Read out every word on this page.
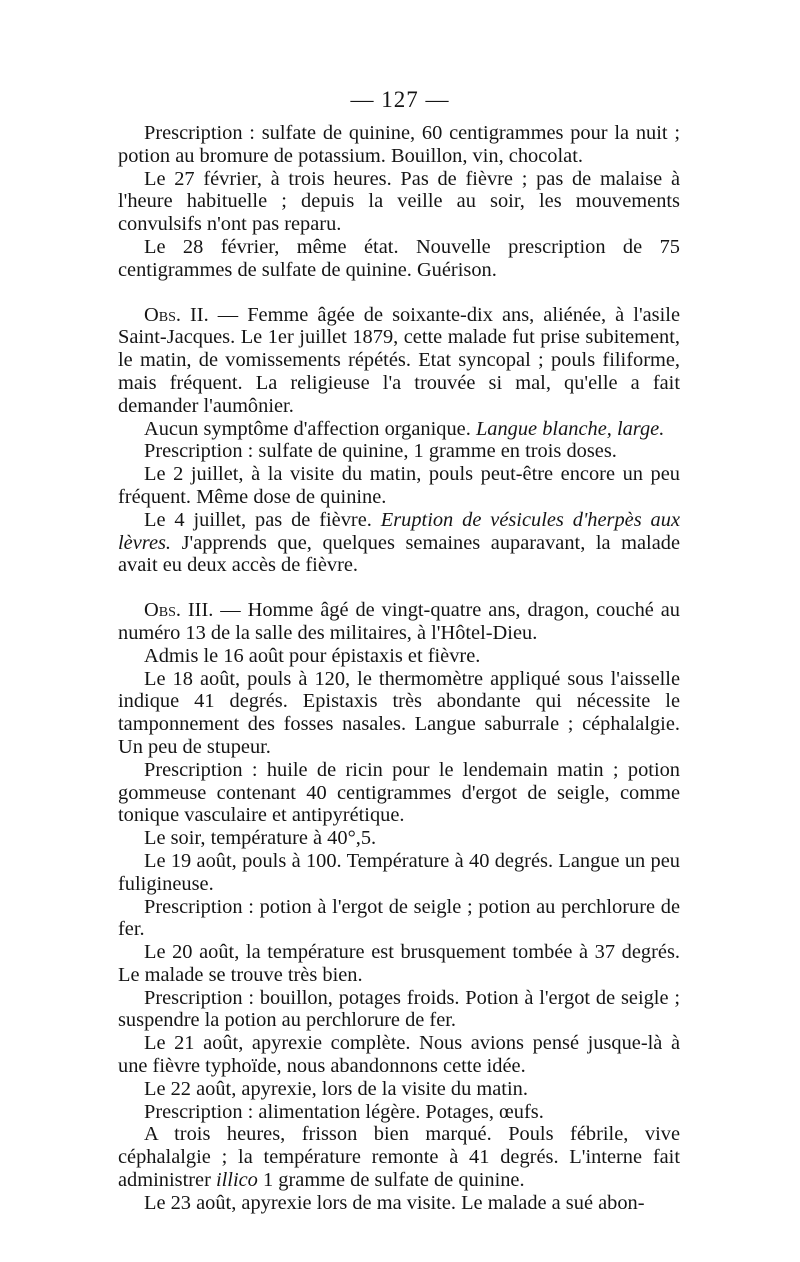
— 127 —

Prescription : sulfate de quinine, 60 centigrammes pour la nuit ; potion au bromure de potassium. Bouillon, vin, chocolat.

Le 27 février, à trois heures. Pas de fièvre ; pas de malaise à l'heure habituelle ; depuis la veille au soir, les mouvements convulsifs n'ont pas reparu.

Le 28 février, même état. Nouvelle prescription de 75 centigrammes de sulfate de quinine. Guérison.

Obs. II. — Femme âgée de soixante-dix ans, aliénée, à l'asile Saint-Jacques. Le 1er juillet 1879, cette malade fut prise subitement, le matin, de vomissements répétés. Etat syncopal ; pouls filiforme, mais fréquent. La religieuse l'a trouvée si mal, qu'elle a fait demander l'aumônier.

Aucun symptôme d'affection organique. Langue blanche, large.

Prescription : sulfate de quinine, 1 gramme en trois doses.

Le 2 juillet, à la visite du matin, pouls peut-être encore un peu fréquent. Même dose de quinine.

Le 4 juillet, pas de fièvre. Eruption de vésicules d'herpès aux lèvres. J'apprends que, quelques semaines auparavant, la malade avait eu deux accès de fièvre.

Obs. III. — Homme âgé de vingt-quatre ans, dragon, couché au numéro 13 de la salle des militaires, à l'Hôtel-Dieu.

Admis le 16 août pour épistaxis et fièvre.

Le 18 août, pouls à 120, le thermomètre appliqué sous l'aisselle indique 41 degrés. Epistaxis très abondante qui nécessite le tamponnement des fosses nasales. Langue saburrale ; céphalalgie. Un peu de stupeur.

Prescription : huile de ricin pour le lendemain matin ; potion gommeuse contenant 40 centigrammes d'ergot de seigle, comme tonique vasculaire et antipyrétique.

Le soir, température à 40°,5.

Le 19 août, pouls à 100. Température à 40 degrés. Langue un peu fuligineuse.

Prescription : potion à l'ergot de seigle ; potion au perchlorure de fer.

Le 20 août, la température est brusquement tombée à 37 degrés. Le malade se trouve très bien.

Prescription : bouillon, potages froids. Potion à l'ergot de seigle ; suspendre la potion au perchlorure de fer.

Le 21 août, apyrexie complète. Nous avions pensé jusque-là à une fièvre typhoïde, nous abandonnons cette idée.

Le 22 août, apyrexie, lors de la visite du matin.

Prescription : alimentation légère. Potages, œufs.

A trois heures, frisson bien marqué. Pouls fébrile, vive céphalalgie ; la température remonte à 41 degrés. L'interne fait administrer illico 1 gramme de sulfate de quinine.

Le 23 août, apyrexie lors de ma visite. Le malade a sué abon-
